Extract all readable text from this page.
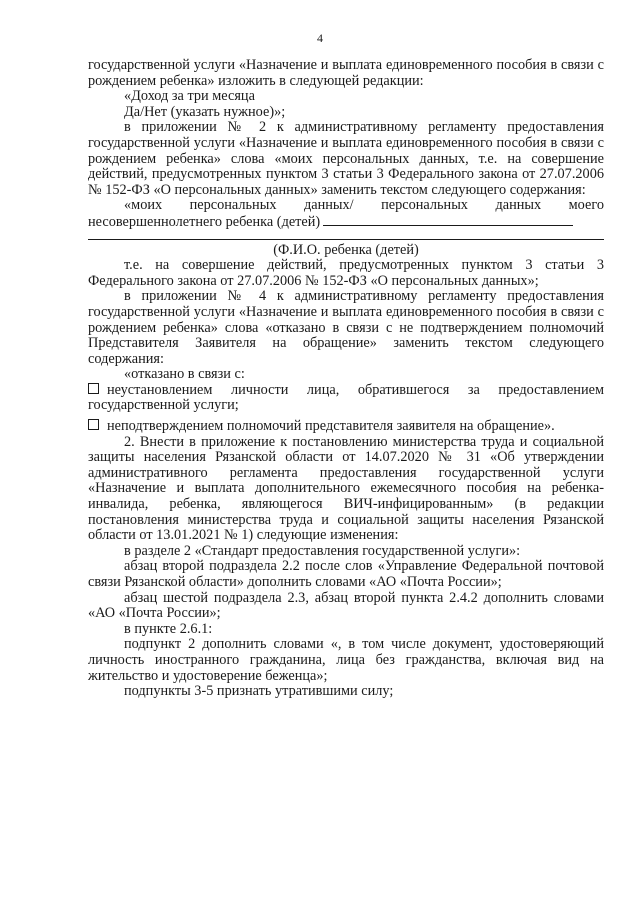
4

государственной услуги «Назначение и выплата единовременного пособия в связи с рождением ребенка» изложить в следующей редакции:

«Доход за три месяца

Да/Нет (указать нужное)»;

в приложении № 2 к административному регламенту предоставления государственной услуги «Назначение и выплата единовременного пособия в связи с рождением ребенка» слова «моих персональных данных, т.е. на совершение действий, предусмотренных пунктом 3 статьи 3 Федерального закона от 27.07.2006 № 152-ФЗ «О персональных данных» заменить текстом следующего содержания:

«моих персональных данных/ персональных данных моего

несовершеннолетнего ребенка (детей)

(Ф.И.О. ребенка (детей)

т.е. на совершение действий, предусмотренных пунктом 3 статьи 3 Федерального закона от 27.07.2006 № 152-ФЗ «О персональных данных»;

в приложении № 4 к административному регламенту предоставления государственной услуги «Назначение и выплата единовременного пособия в связи с рождением ребенка» слова «отказано в связи с не подтверждением полномочий Представителя Заявителя на обращение» заменить текстом следующего содержания:

«отказано в связи с:

неустановлением личности лица, обратившегося за предоставлением государственной услуги;

неподтверждением полномочий представителя заявителя на обращение».

2. Внести в приложение к постановлению министерства труда и социальной защиты населения Рязанской области от 14.07.2020 № 31 «Об утверждении административного регламента предоставления государственной услуги «Назначение и выплата дополнительного ежемесячного пособия на ребенка-инвалида, ребенка, являющегося ВИЧ-инфицированным» (в редакции постановления министерства труда и социальной защиты населения Рязанской области от 13.01.2021 № 1) следующие изменения:

в разделе 2 «Стандарт предоставления государственной услуги»:

абзац второй подраздела 2.2 после слов «Управление Федеральной почтовой связи Рязанской области» дополнить словами «АО «Почта России»;

абзац шестой подраздела 2.3, абзац второй пункта 2.4.2 дополнить словами «АО «Почта России»;

в пункте 2.6.1:

подпункт 2 дополнить словами «, в том числе документ, удостоверяющий личность иностранного гражданина, лица без гражданства, включая вид на жительство и удостоверение беженца»;

подпункты 3-5 признать утратившими силу;
